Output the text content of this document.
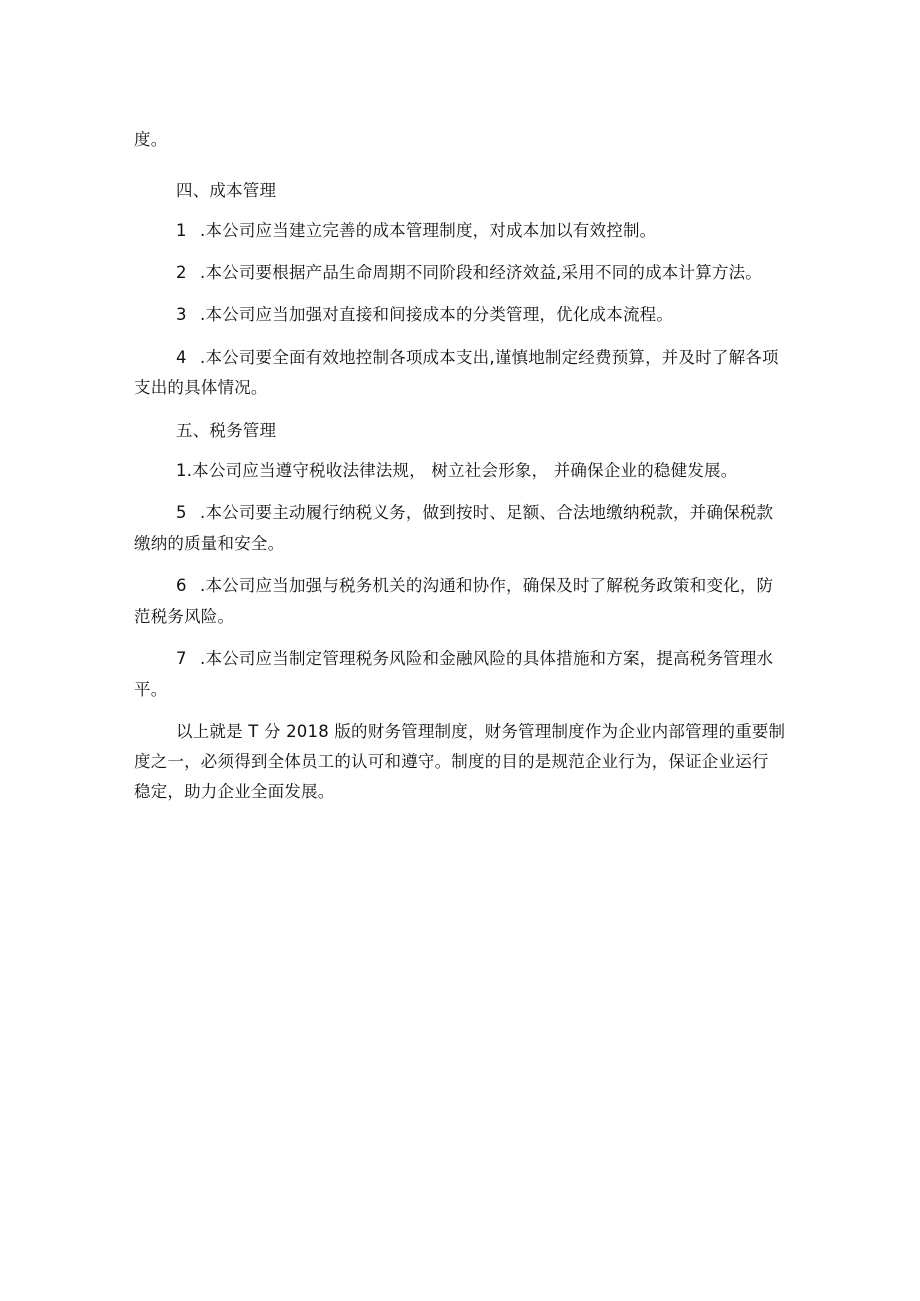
度。
四、成本管理
1 .本公司应当建立完善的成本管理制度，对成本加以有效控制。
2 .本公司要根据产品生命周期不同阶段和经济效益,采用不同的成本计算方法。
3 .本公司应当加强对直接和间接成本的分类管理，优化成本流程。
4 .本公司要全面有效地控制各项成本支出,谨慎地制定经费预算，并及时了解各项
支出的具体情况。
五、税务管理
1.本公司应当遵守税收法律法规， 树立社会形象， 并确保企业的稳健发展。
5 .本公司要主动履行纳税义务，做到按时、足额、合法地缴纳税款，并确保税款
缴纳的质量和安全。
6 .本公司应当加强与税务机关的沟通和协作，确保及时了解税务政策和变化，防
范税务风险。
7 .本公司应当制定管理税务风险和金融风险的具体措施和方案，提高税务管理水
平。
以上就是 T 分 2018 版的财务管理制度，财务管理制度作为企业内部管理的重要制
度之一，必须得到全体员工的认可和遵守。制度的目的是规范企业行为，保证企业运行
稳定，助力企业全面发展。
